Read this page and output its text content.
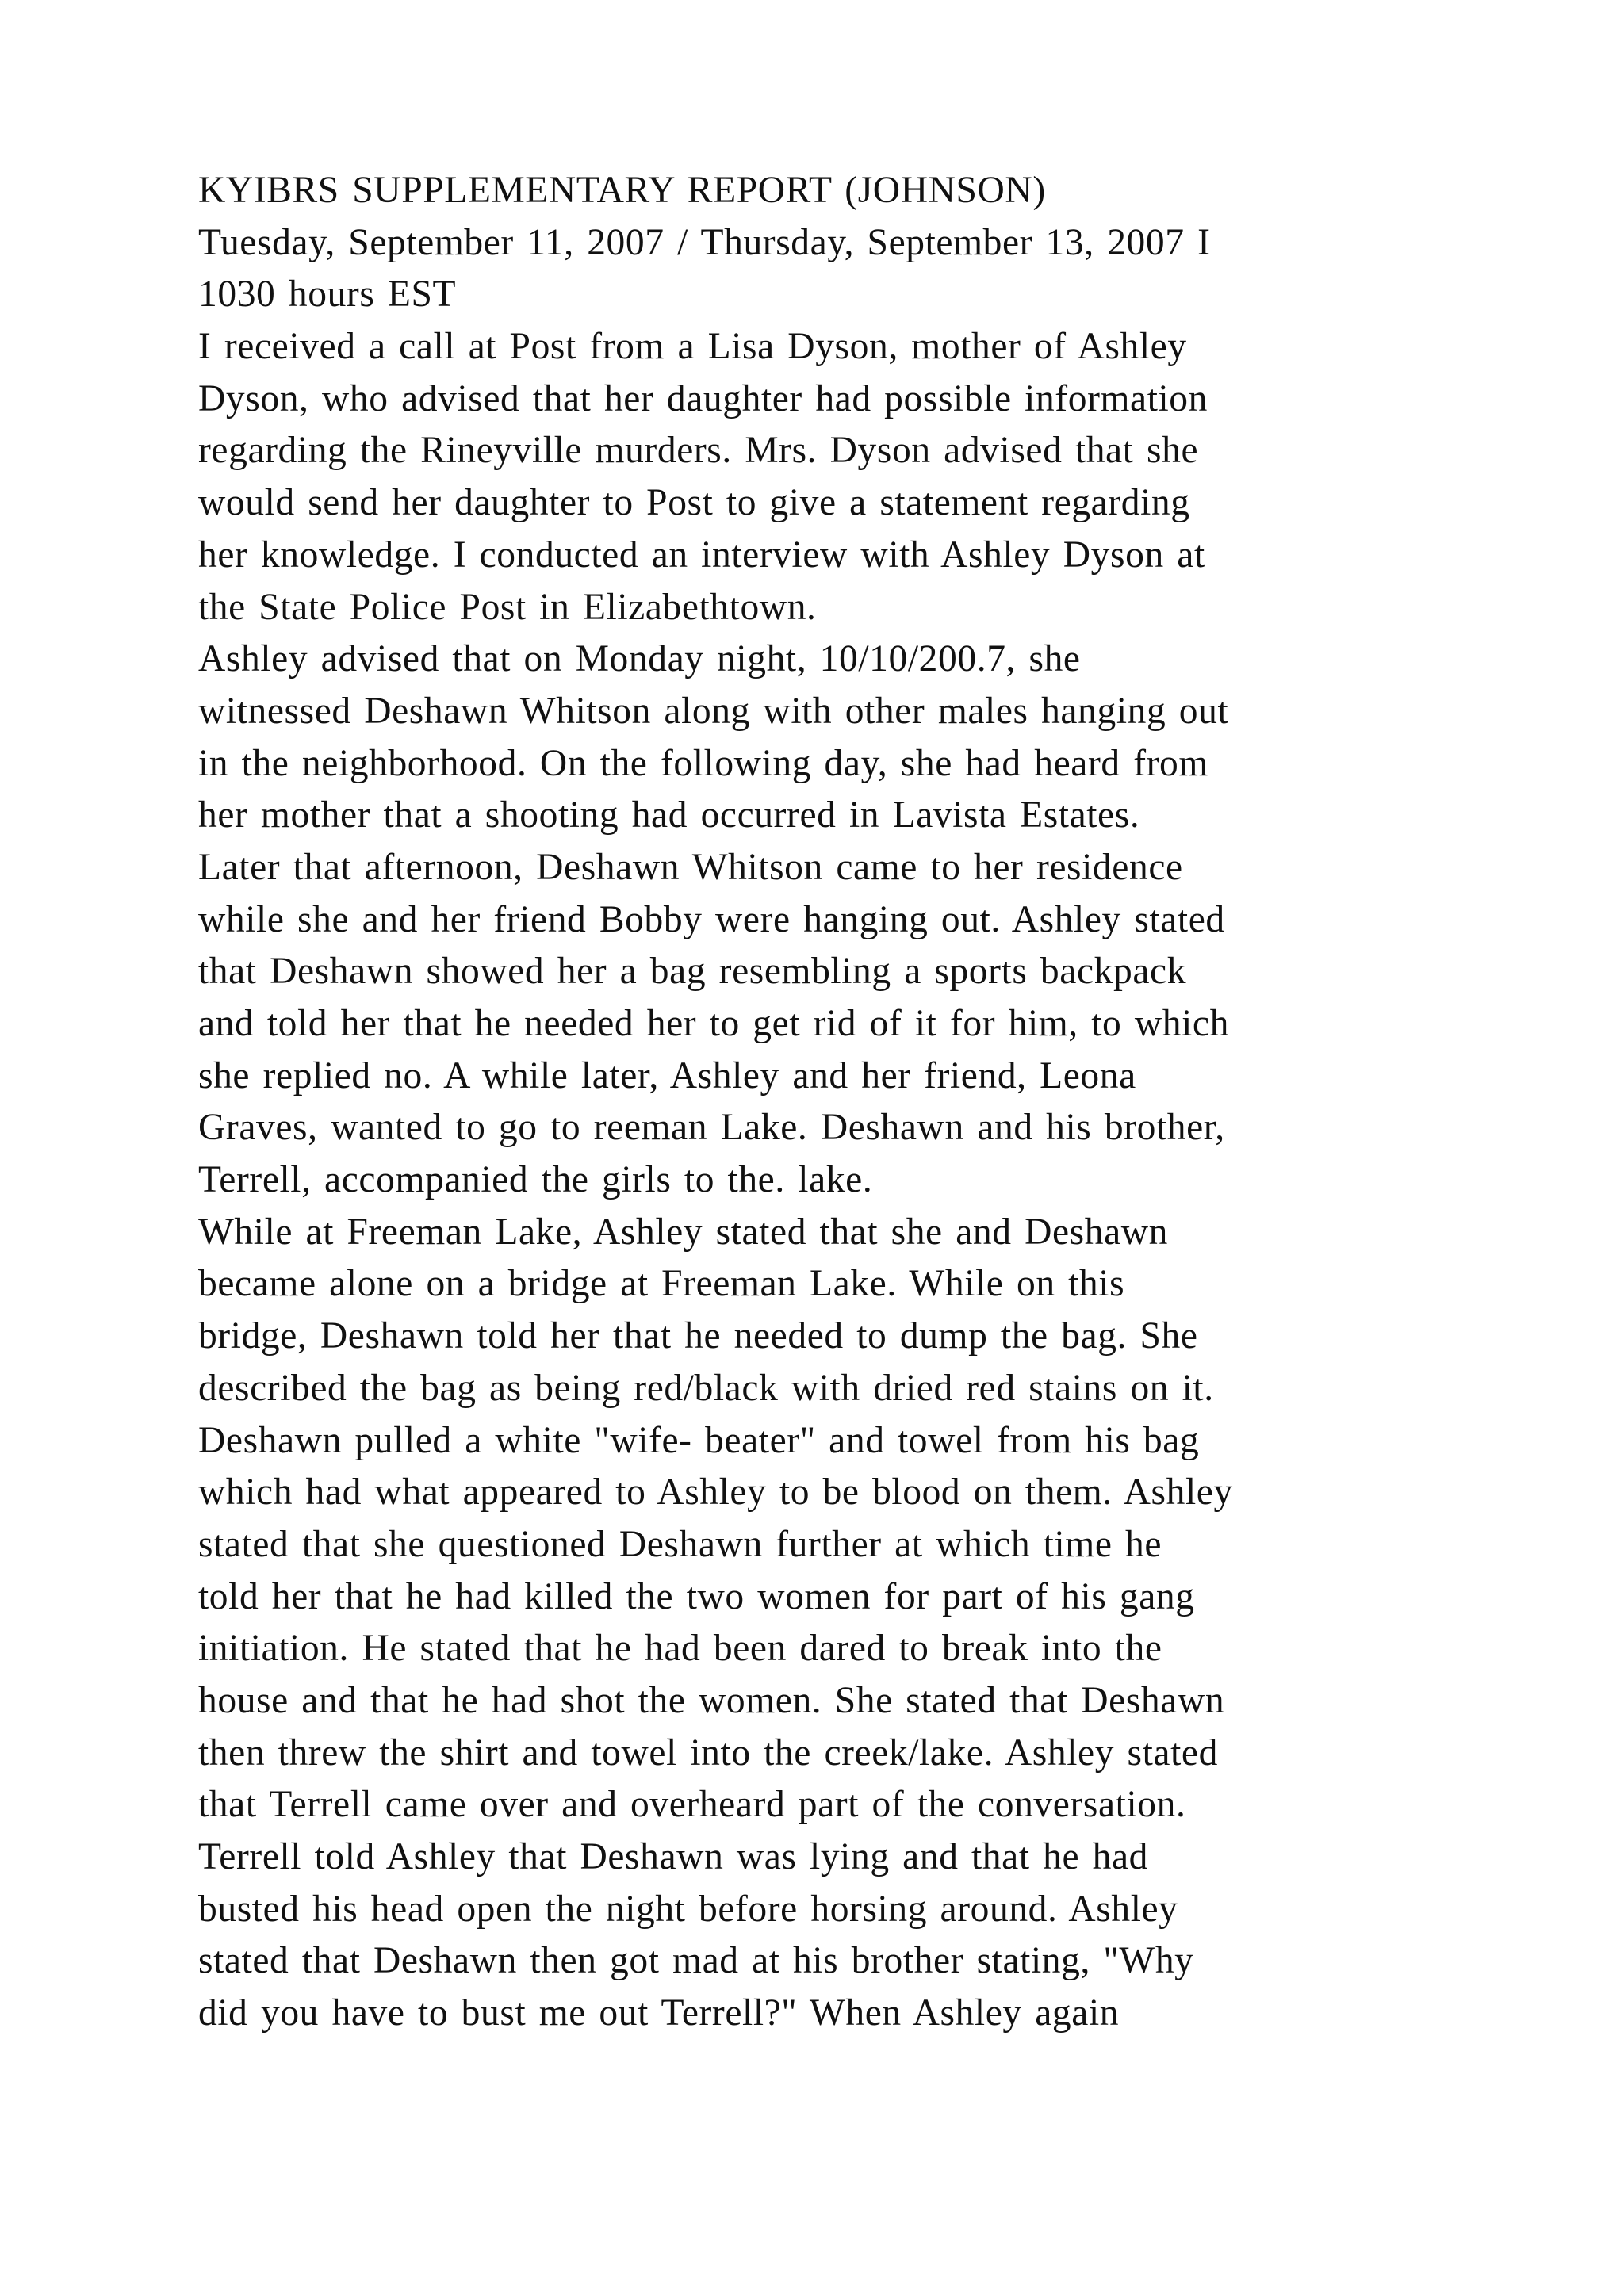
KYIBRS SUPPLEMENTARY REPORT (JOHNSON)
Tuesday, September 11, 2007 / Thursday, September 13, 2007 I
1030 hours EST
I received a call at Post from a Lisa Dyson, mother of Ashley
Dyson, who advised that her daughter had possible information
regarding the Rineyville murders. Mrs. Dyson advised that she
would send her daughter to Post to give a statement regarding
her knowledge. I conducted an interview with Ashley Dyson at
the State Police Post in Elizabethtown.
Ashley advised that on Monday night, 10/10/200.7, she
witnessed Deshawn Whitson along with other males hanging out
in the neighborhood. On the following day, she had heard from
her mother that a shooting had occurred in Lavista Estates.
Later that afternoon, Deshawn Whitson came to her residence
while she and her friend Bobby were hanging out. Ashley stated
that Deshawn showed her a bag resembling a sports backpack
and told her that he needed her to get rid of it for him, to which
she replied no. A while later, Ashley and her friend, Leona
Graves, wanted to go to reeman Lake. Deshawn and his brother,
Terrell, accompanied the girls to the. lake.
While at Freeman Lake, Ashley stated that she and Deshawn
became alone on a bridge at Freeman Lake. While on this
bridge, Deshawn told her that he needed to dump the bag. She
described the bag as being red/black with dried red stains on it.
Deshawn pulled a white "wife- beater" and towel from his bag
which had what appeared to Ashley to be blood on them. Ashley
stated that she questioned Deshawn further at which time he
told her that he had killed the two women for part of his gang
initiation. He stated that he had been dared to break into the
house and that he had shot the women. She stated that Deshawn
then threw the shirt and towel into the creek/lake. Ashley stated
that Terrell came over and overheard part of the conversation.
Terrell told Ashley that Deshawn was lying and that he had
busted his head open the night before horsing around. Ashley
stated that Deshawn then got mad at his brother stating, "Why
did you have to bust me out Terrell?" When Ashley again
